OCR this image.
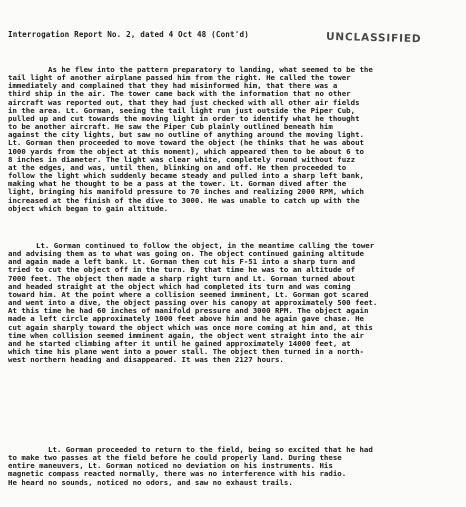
Interrogation Report No. 2, dated 4 Oct 48 (Cont'd)	UNCLASSIFIED
As he flew into the pattern preparatory to landing, what seemed to be the
tail light of another airplane passed him from the right. He called the tower
immediately and complained that they had misinformed him, that there was a
third ship in the air. The tower came back with the information that no other
aircraft was reported out, that they had just checked with all other air fields
in the area. Lt. Gorman, seeing the tail light run just outside the Piper Cub,
pulled up and cut towards the moving light in order to identify what he thought
to be another aircraft. He saw the Piper Cub plainly outlined beneath him
against the city lights, but saw no outline of anything around the moving light.
Lt. Gorman then proceeded to move toward the object (he thinks that he was about
1000 yards from the object at this moment), which appeared then to be about 6 to
8 inches in diameter. The light was clear white, completely round without fuzz
at the edges, and was, until then, blinking on and off. He then proceeded to
follow the light which suddenly became steady and pulled into a sharp left bank,
making what he thought to be a pass at the tower. Lt. Gorman dived after the
light, bringing his manifold pressure to 70 inches and realizing 2000 RPM, which
increased at the finish of the dive to 3000. He was unable to catch up with the
object which began to gain altitude.
Lt. Gorman continued to follow the object, in the meantime calling the tower
and advising them as to what was going on. The object continued gaining altitude
and again made a left bank. Lt. Gorman then cut his F-51 into a sharp turn and
tried to cut the object off in the turn. By that time he was to an altitude of
7000 feet. The object then made a sharp right turn and Lt. Gorman turned about
and headed straight at the object which had completed its turn and was coming
toward him. At the point where a collision seemed imminent, Lt. Gorman got scared
and went into a dive, the object passing over his canopy at approximately 500 feet.
At this time he had 60 inches of manifold pressure and 3000 RPM. The object again
made a left circle approximately 1000 feet above him and he again gave chase. He
cut again sharply toward the object which was once more coming at him and, at this
time when collision seemed imminent again, the object went straight into the air
and he started climbing after it until he gained approximately 14000 feet, at
which time his plane went into a power stall. The object then turned in a north-
west northern heading and disappeared. It was then 2127 hours.
Lt. Gorman proceeded to return to the field, being so excited that he had
to make two passes at the field before he could properly land. During these
entire maneuvers, Lt. Gorman noticed no deviation on his instruments. His
magnetic compass reacted normally, there was no interference with his radio.
He heard no sounds, noticed no odors, and saw no exhaust trails.
